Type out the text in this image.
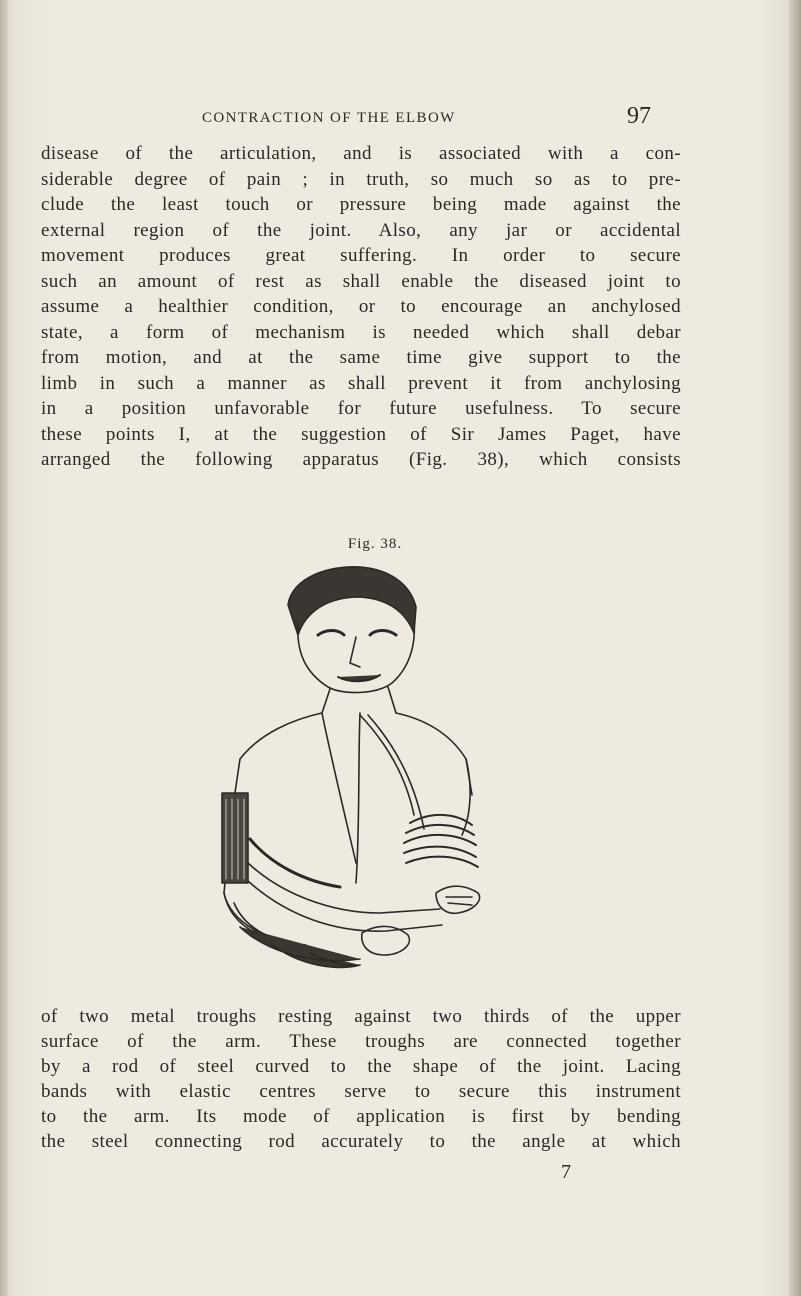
CONTRACTION OF THE ELBOW	97
disease of the articulation, and is associated with a con-
siderable degree of pain ; in truth, so much so as to pre-
clude the least touch or pressure being made against the
external region of the joint. Also, any jar or accidental
movement produces great suffering. In order to secure
such an amount of rest as shall enable the diseased joint to
assume a healthier condition, or to encourage an anchylosed
state, a form of mechanism is needed which shall debar
from motion, and at the same time give support to the
limb in such a manner as shall prevent it from anchylosing
in a position unfavorable for future usefulness. To secure
these points I, at the suggestion of Sir James Paget, have
arranged the following apparatus (Fig. 38), which consists
Fig. 38.
of two metal troughs resting against two thirds of the upper
surface of the arm. These troughs are connected together
by a rod of steel curved to the shape of the joint. Lacing
bands with elastic centres serve to secure this instrument
to the arm. Its mode of application is first by bending
the steel connecting rod accurately to the angle at which
7
